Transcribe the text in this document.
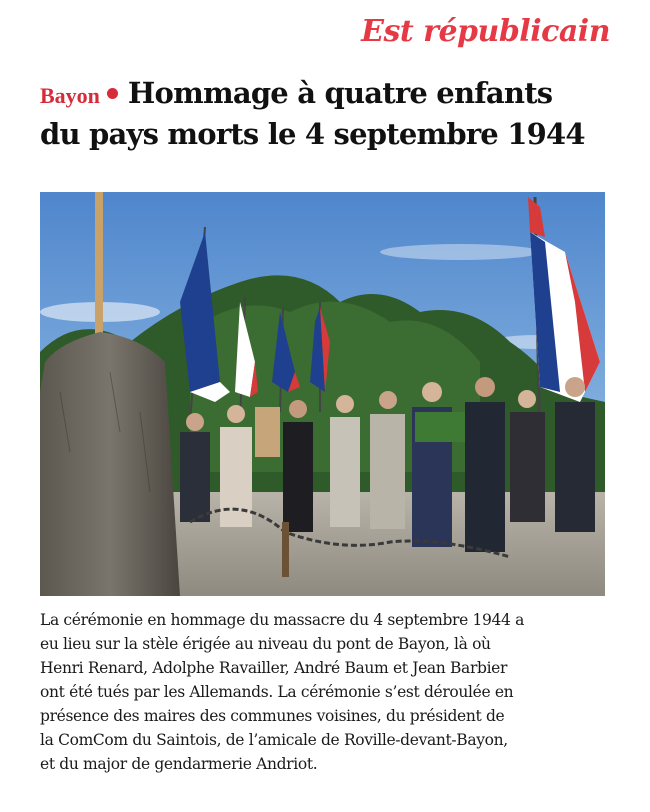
Est républicain
Bayon Hommage à quatre enfants
du pays morts le 4 septembre 1944

La cérémonie en hommage du massacre du 4 septembre 1944 a
eu lieu sur la stèle érigée au niveau du pont de Bayon, là où
Henri Renard, Adolphe Ravailler, André Baum et Jean Barbier
ont été tués par les Allemands. La cérémonie s’est déroulée en
présence des maires des communes voisines, du président de
la ComCom du Saintois, de l’amicale de Roville-devant-Bayon,
et du major de gendarmerie Andriot.
